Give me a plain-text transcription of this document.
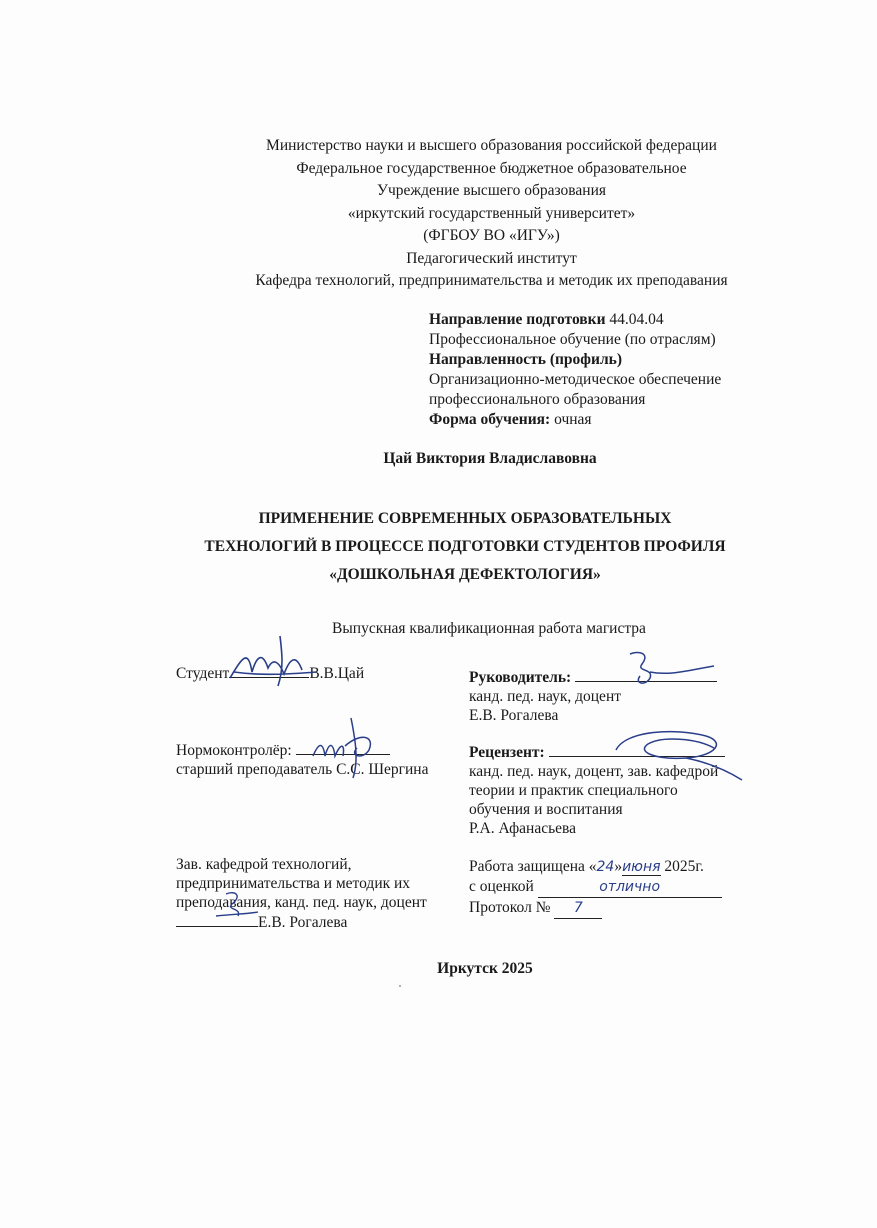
Министерство науки и высшего образования российской федерации
Федеральное государственное бюджетное образовательное
Учреждение высшего образования
«иркутский государственный университет»
(ФГБОУ ВО «ИГУ»)
Педагогический институт
Кафедра технологий, предпринимательства и методик их преподавания
Направление подготовки 44.04.04
Профессиональное обучение (по отраслям)
Направленность (профиль)
Организационно-методическое обеспечение
профессионального образования
Форма обучения: очная
Цай Виктория Владиславовна
ПРИМЕНЕНИЕ СОВРЕМЕННЫХ ОБРАЗОВАТЕЛЬНЫХ
ТЕХНОЛОГИЙ В ПРОЦЕССЕ ПОДГОТОВКИ СТУДЕНТОВ ПРОФИЛЯ
«ДОШКОЛЬНАЯ ДЕФЕКТОЛОГИЯ»
Выпускная квалификационная работа магистра
Студент	В.В.Цай	Руководитель:
канд. пед. наук, доцент
Е.В. Рогалева
Нормоконтролёр:
старший преподаватель С.С. Шергина
Рецензент:
канд. пед. наук, доцент, зав. кафедрой
теории и практик специального
обучения и воспитания
Р.А. Афанасьева
Зав. кафедрой технологий,
предпринимательства и методик их
преподавания, канд. пед. наук, доцент
Е.В. Рогалева
Работа защищена «24»июня 2025г.
с оценкой	отлично
Протокол № 7
Иркутск 2025
